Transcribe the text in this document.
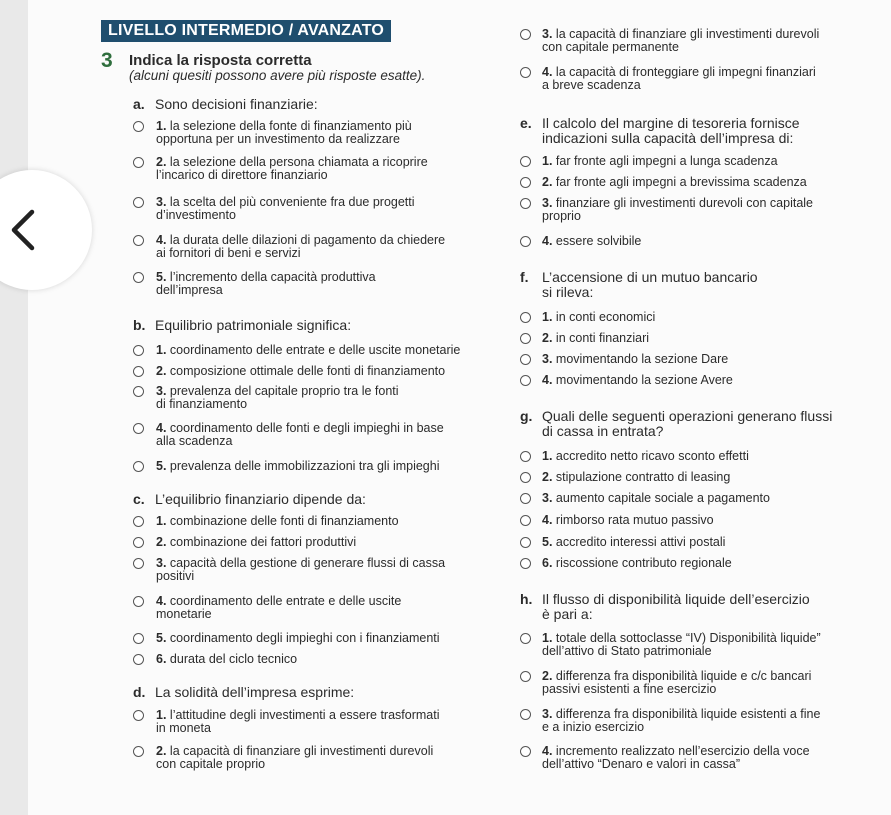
LIVELLO INTERMEDIO / AVANZATO
3 Indica la risposta corretta
(alcuni quesiti possono avere più risposte esatte).
a. Sono decisioni finanziarie:
1. la selezione della fonte di finanziamento più
opportuna per un investimento da realizzare
2. la selezione della persona chiamata a ricoprire
l’incarico di direttore finanziario
3. la scelta del più conveniente fra due progetti
d’investimento
4. la durata delle dilazioni di pagamento da chiedere
ai fornitori di beni e servizi
5. l’incremento della capacità produttiva
dell’impresa
b. Equilibrio patrimoniale significa:
1. coordinamento delle entrate e delle uscite monetarie
2. composizione ottimale delle fonti di finanziamento
3. prevalenza del capitale proprio tra le fonti
di finanziamento
4. coordinamento delle fonti e degli impieghi in base
alla scadenza
5. prevalenza delle immobilizzazioni tra gli impieghi
c. L’equilibrio finanziario dipende da:
1. combinazione delle fonti di finanziamento
2. combinazione dei fattori produttivi
3. capacità della gestione di generare flussi di cassa
positivi
4. coordinamento delle entrate e delle uscite
monetarie
5. coordinamento degli impieghi con i finanziamenti
6. durata del ciclo tecnico
d. La solidità dell’impresa esprime:
1. l’attitudine degli investimenti a essere trasformati
in moneta
2. la capacità di finanziare gli investimenti durevoli
con capitale proprio
3. la capacità di finanziare gli investimenti durevoli
con capitale permanente
4. la capacità di fronteggiare gli impegni finanziari
a breve scadenza
e. Il calcolo del margine di tesoreria fornisce
indicazioni sulla capacità dell’impresa di:
1. far fronte agli impegni a lunga scadenza
2. far fronte agli impegni a brevissima scadenza
3. finanziare gli investimenti durevoli con capitale
proprio
4. essere solvibile
f. L’accensione di un mutuo bancario
si rileva:
1. in conti economici
2. in conti finanziari
3. movimentando la sezione Dare
4. movimentando la sezione Avere
g. Quali delle seguenti operazioni generano flussi
di cassa in entrata?
1. accredito netto ricavo sconto effetti
2. stipulazione contratto di leasing
3. aumento capitale sociale a pagamento
4. rimborso rata mutuo passivo
5. accredito interessi attivi postali
6. riscossione contributo regionale
h. Il flusso di disponibilità liquide dell’esercizio
è pari a:
1. totale della sottoclasse “IV) Disponibilità liquide”
dell’attivo di Stato patrimoniale
2. differenza fra disponibilità liquide e c/c bancari
passivi esistenti a fine esercizio
3. differenza fra disponibilità liquide esistenti a fine
e a inizio esercizio
4. incremento realizzato nell’esercizio della voce
dell’attivo “Denaro e valori in cassa”
